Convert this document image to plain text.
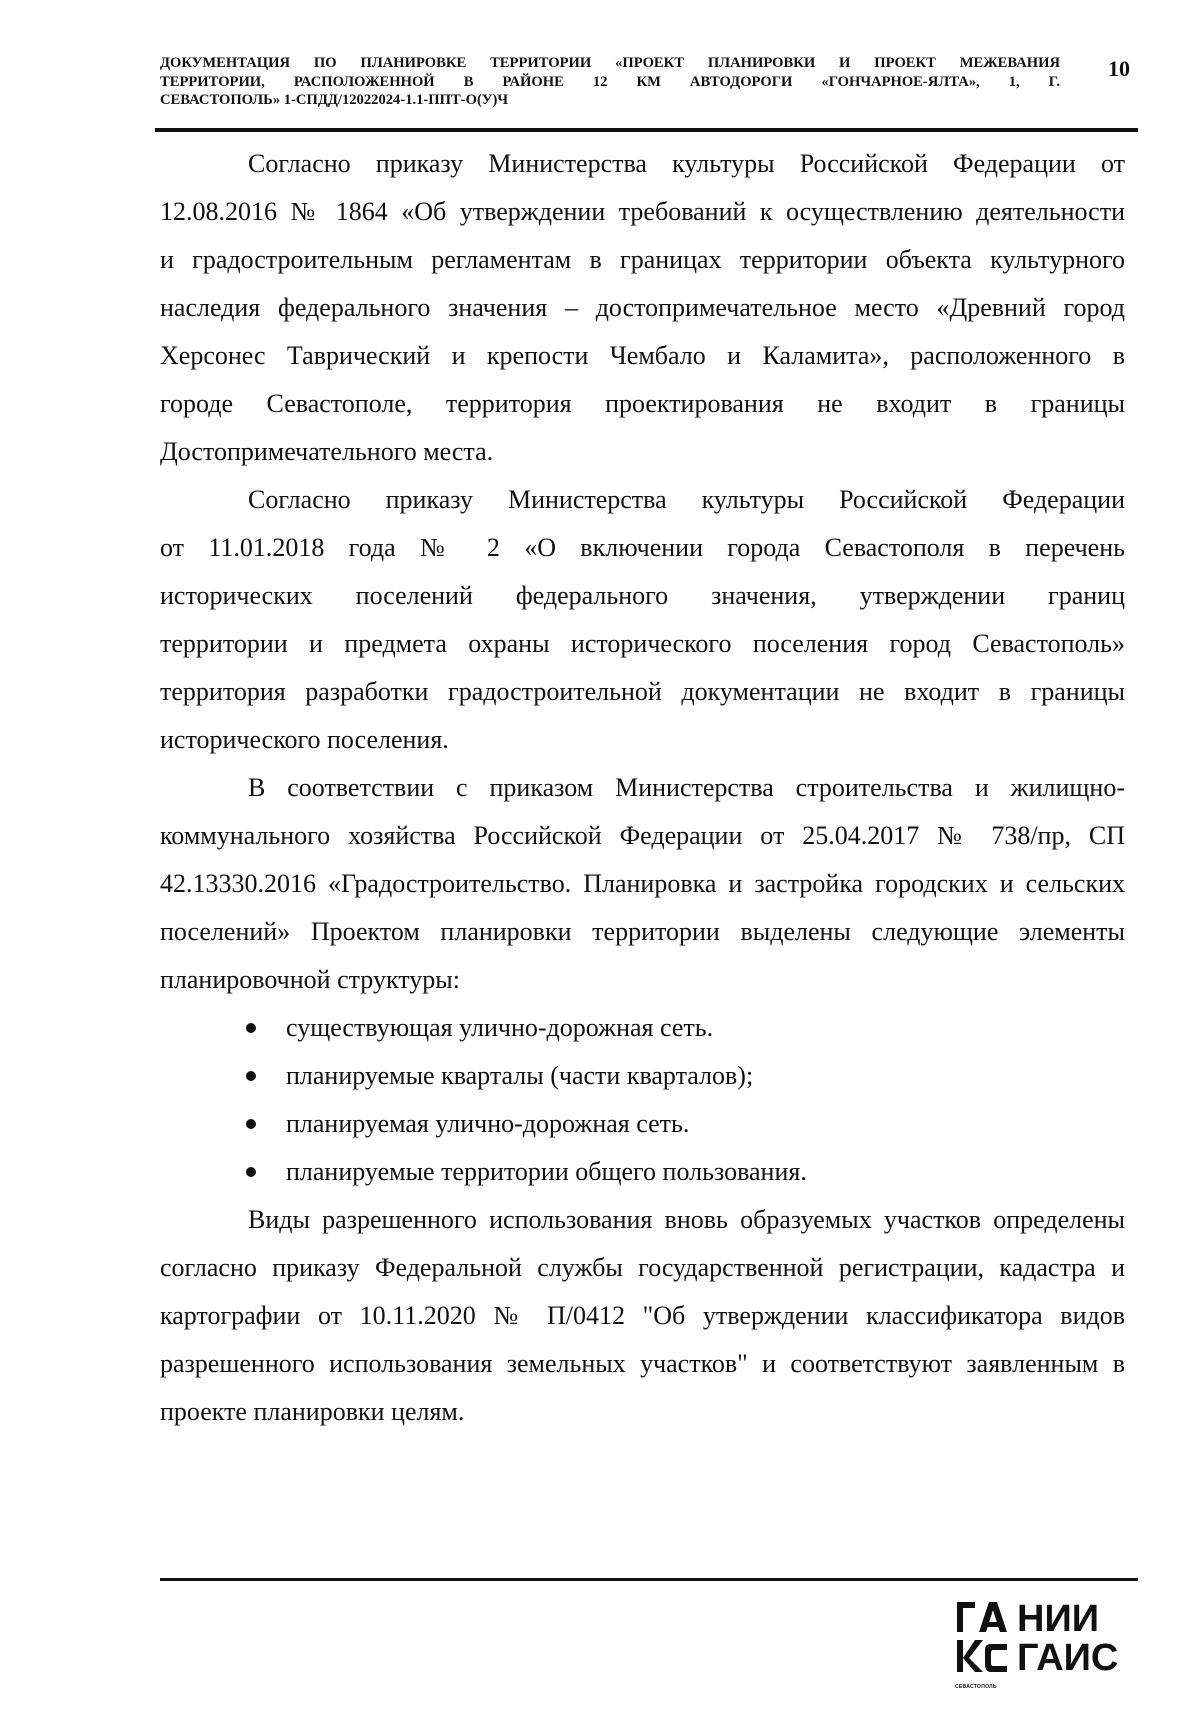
ДОКУМЕНТАЦИЯ ПО ПЛАНИРОВКЕ ТЕРРИТОРИИ «ПРОЕКТ ПЛАНИРОВКИ И ПРОЕКТ МЕЖЕВАНИЯ
ТЕРРИТОРИИ, РАСПОЛОЖЕННОЙ В РАЙОНЕ 12 КМ АВТОДОРОГИ «ГОНЧАРНОЕ-ЯЛТА», 1, Г.
СЕВАСТОПОЛЬ» 1-СПДД/12022024-1.1-ППТ-О(У)Ч
10
Согласно приказу Министерства культуры Российской Федерации от
12.08.2016 № 1864 «Об утверждении требований к осуществлению деятельности
и градостроительным регламентам в границах территории объекта культурного
наследия федерального значения – достопримечательное место «Древний город
Херсонес Таврический и крепости Чембало и Каламита», расположенного в
городе Севастополе, территория проектирования не входит в границы
Достопримечательного места.
Согласно приказу Министерства культуры Российской Федерации
от 11.01.2018 года № 2 «О включении города Севастополя в перечень
исторических поселений федерального значения, утверждении границ
территории и предмета охраны исторического поселения город Севастополь»
территория разработки градостроительной документации не входит в границы
исторического поселения.
В соответствии с приказом Министерства строительства и жилищно-
коммунального хозяйства Российской Федерации от 25.04.2017 № 738/пр, СП
42.13330.2016 «Градостроительство. Планировка и застройка городских и сельских
поселений» Проектом планировки территории выделены следующие элементы
планировочной структуры:
существующая улично-дорожная сеть.
планируемые кварталы (части кварталов);
планируемая улично-дорожная сеть.
планируемые территории общего пользования.
Виды разрешенного использования вновь образуемых участков определены
согласно приказу Федеральной службы государственной регистрации, кадастра и
картографии от 10.11.2020 № П/0412 "Об утверждении классификатора видов
разрешенного использования земельных участков" и соответствуют заявленным в
проекте планировки целям.
СЕВАСТОПОЛЬ
НИИ
ГАИС
